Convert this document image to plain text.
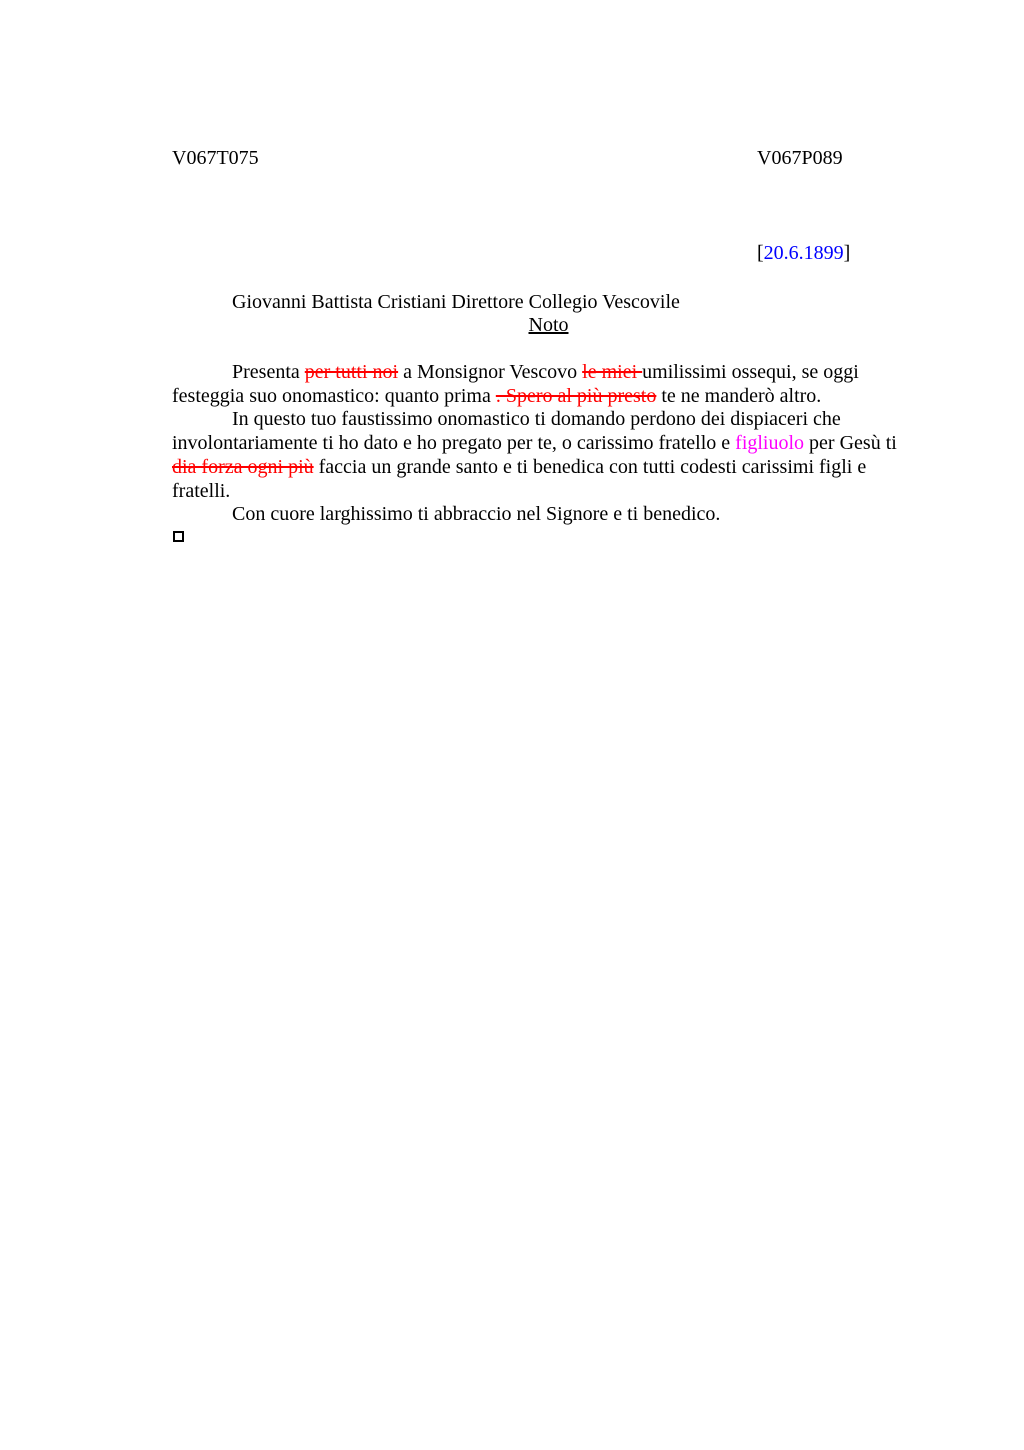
V067T075	V067P089
[20.6.1899]
Giovanni Battista Cristiani Direttore Collegio Vescovile
Noto

Presenta per tutti noi a Monsignor Vescovo le miei umilissimi ossequi, se oggi festeggia suo onomastico: quanto prima . Spero al più presto te ne manderò altro.

In questo tuo faustissimo onomastico ti domando perdono dei dispiaceri che involontariamente ti ho dato e ho pregato per te, o carissimo fratello e figliuolo per Gesù ti dia forza ogni più faccia un grande santo e ti benedica con tutti codesti carissimi figli e fratelli.

Con cuore larghissimo ti abbraccio nel Signore e ti benedico.
